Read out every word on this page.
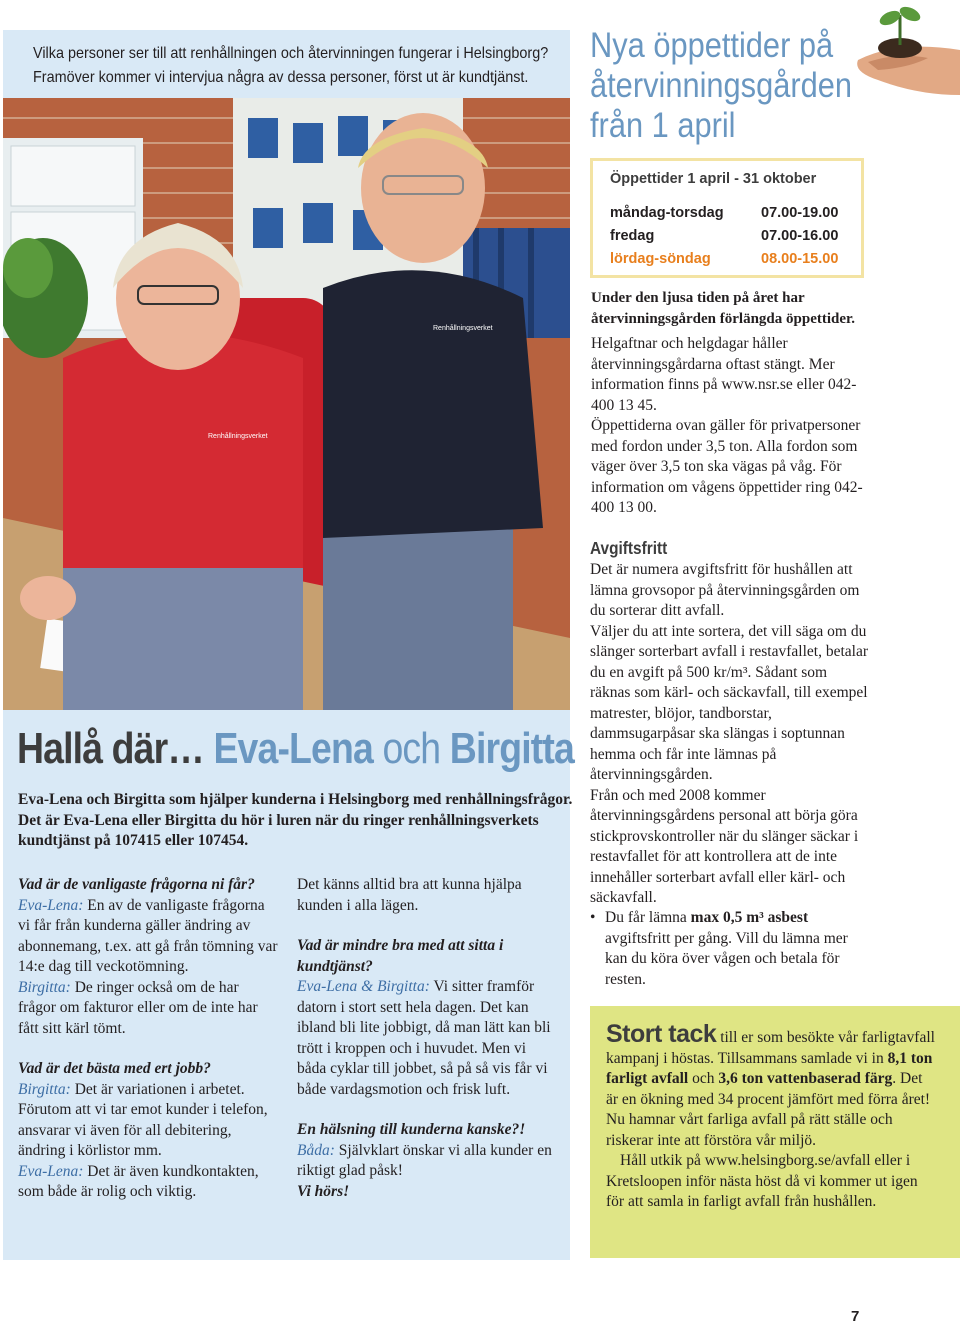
Renhållningsverket
Renhållningsverket
Vilka personer ser till att renhållningen och återvinningen fungerar i Helsingborg?
Framöver kommer vi intervjua några av dessa personer, först ut är kundtjänst.
Hallå där… Eva-Lena och Birgitta
Eva-Lena och Birgitta som hjälper kunderna i Helsingborg med renhållningsfrågor. Det är Eva-Lena eller Birgitta du hör i luren när du ringer renhållningsverkets kundtjänst på 107415 eller 107454.
Vad är de vanligaste frågorna ni får?
Eva-Lena: En av de vanligaste frågorna vi får från kunderna gäller ändring av abonnemang, t.ex. att gå från tömning var 14:e dag till veckotömning.
Birgitta: De ringer också om de har frågor om fakturor eller om de inte har fått sitt kärl tömt.
Vad är det bästa med ert jobb?
Birgitta: Det är variationen i arbetet. Förutom att vi tar emot kunder i telefon, ansvarar vi även för all debitering, ändring i körlistor mm.
Eva-Lena: Det är även kundkontakten, som både är rolig och viktig.
Det känns alltid bra att kunna hjälpa kunden i alla lägen.
Vad är mindre bra med att sitta i kundtjänst?
Eva-Lena & Birgitta: Vi sitter framför datorn i stort sett hela dagen. Det kan ibland bli lite jobbigt, då man lätt kan bli trött i kroppen och i huvudet. Men vi båda cyklar till jobbet, så på så vis får vi både vardagsmotion och frisk luft.
En hälsning till kunderna kanske?!
Båda: Självklart önskar vi alla kunder en riktigt glad påsk!
Vi hörs!
Nya öppettider på återvinningsgården från 1 april
Öppettider 1 april - 31 oktober
måndag-torsdag	07.00-19.00
fredag	07.00-16.00
lördag-söndag	08.00-15.00
Under den ljusa tiden på året har återvinningsgården förlängda öppettider.
Helgaftnar och helgdagar håller återvinningsgårdarna oftast stängt. Mer information finns på www.nsr.se eller 042- 400 13 45.
Öppettiderna ovan gäller för privatpersoner med fordon under 3,5 ton. Alla fordon som väger över 3,5 ton ska vägas på våg. För information om vågens öppettider ring 042-400 13 00.
Avgiftsfritt
Det är numera avgiftsfritt för hushållen att lämna grovsopor på återvinningsgården om du sorterar ditt avfall.
Väljer du att inte sortera, det vill säga om du slänger sorterbart avfall i restavfallet, betalar du en avgift på 500 kr/m³. Sådant som räknas som kärl- och säckavfall, till exempel matrester, blöjor, tandborstar, dammsugarpåsar ska slängas i soptunnan hemma och får inte lämnas på återvinningsgården.
Från och med 2008 kommer återvinningsgårdens personal att börja göra stickprovskontroller när du slänger säckar i restavfallet för att kontrollera att de inte innehåller sorterbart avfall eller kärl- och säckavfall.
• Du får lämna max 0,5 m³ asbest avgiftsfritt per gång. Vill du lämna mer kan du köra över vågen och betala för resten.
Stort tack till er som besökte vår farligtavfall kampanj i höstas. Tillsammans samlade vi in 8,1 ton farligt avfall och 3,6 ton vattenbaserad färg. Det är en ökning med 34 procent jämfört med förra året! Nu hamnar vårt farliga avfall på rätt ställe och riskerar inte att förstöra vår miljö.
Håll utkik på www.helsingborg.se/avfall eller i Kretsloopen inför nästa höst då vi kommer ut igen för att samla in farligt avfall från hushållen.
7
